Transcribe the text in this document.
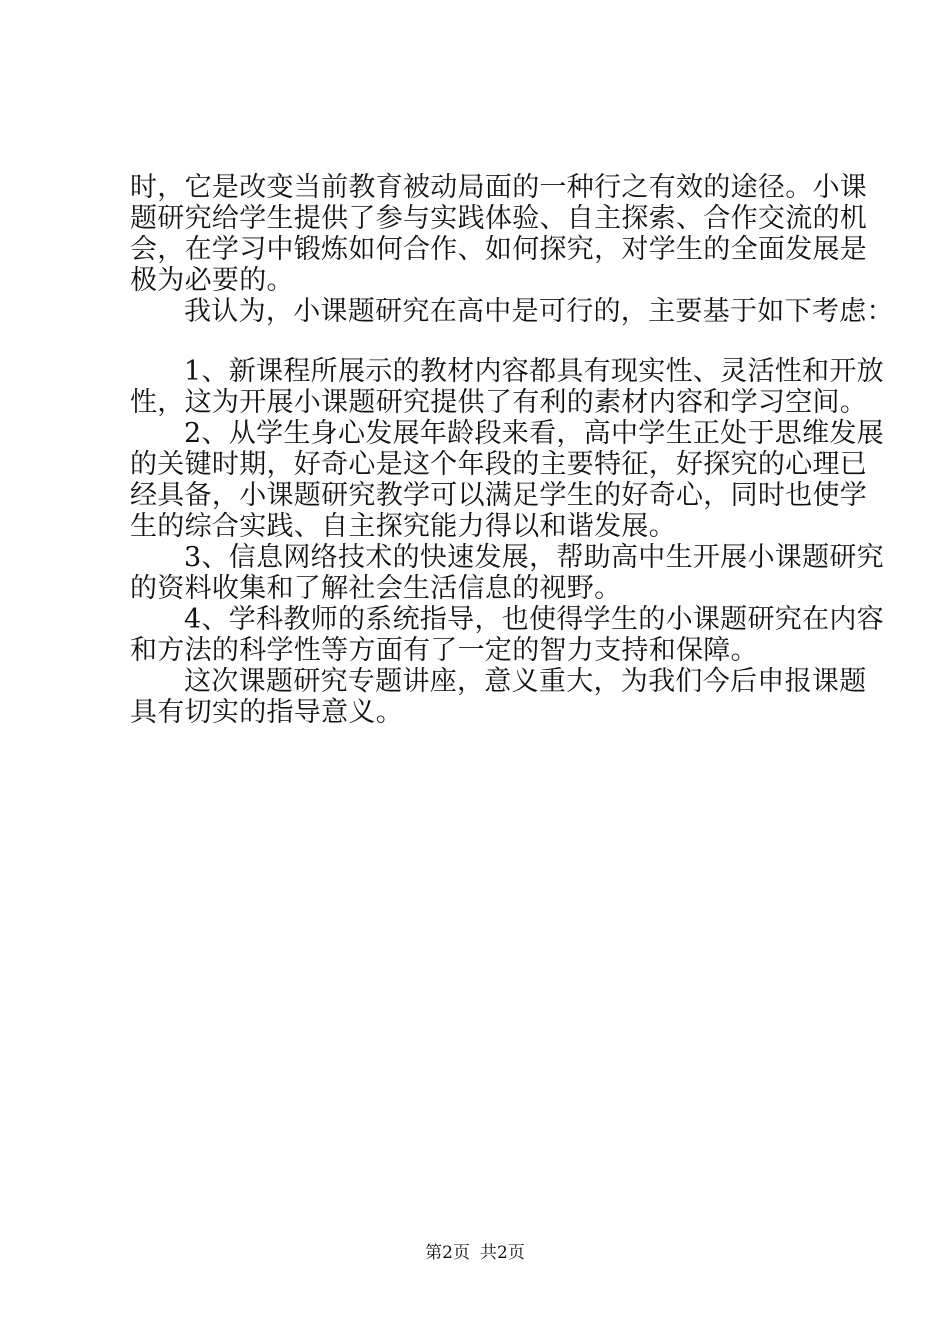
时，它是改变当前教育被动局面的一种行之有效的途径。小课
题研究给学生提供了参与实践体验、自主探索、合作交流的机
会，在学习中锻炼如何合作、如何探究，对学生的全面发展是
极为必要的。
我认为，小课题研究在高中是可行的，主要基于如下考虑：
1、新课程所展示的教材内容都具有现实性、灵活性和开放
性，这为开展小课题研究提供了有利的素材内容和学习空间。
2、从学生身心发展年龄段来看，高中学生正处于思维发展
的关键时期，好奇心是这个年段的主要特征，好探究的心理已
经具备，小课题研究教学可以满足学生的好奇心，同时也使学
生的综合实践、自主探究能力得以和谐发展。
3、信息网络技术的快速发展，帮助高中生开展小课题研究
的资料收集和了解社会生活信息的视野。
4、学科教师的系统指导，也使得学生的小课题研究在内容
和方法的科学性等方面有了一定的智力支持和保障。
这次课题研究专题讲座，意义重大，为我们今后申报课题
具有切实的指导意义。
第2页 共2页
